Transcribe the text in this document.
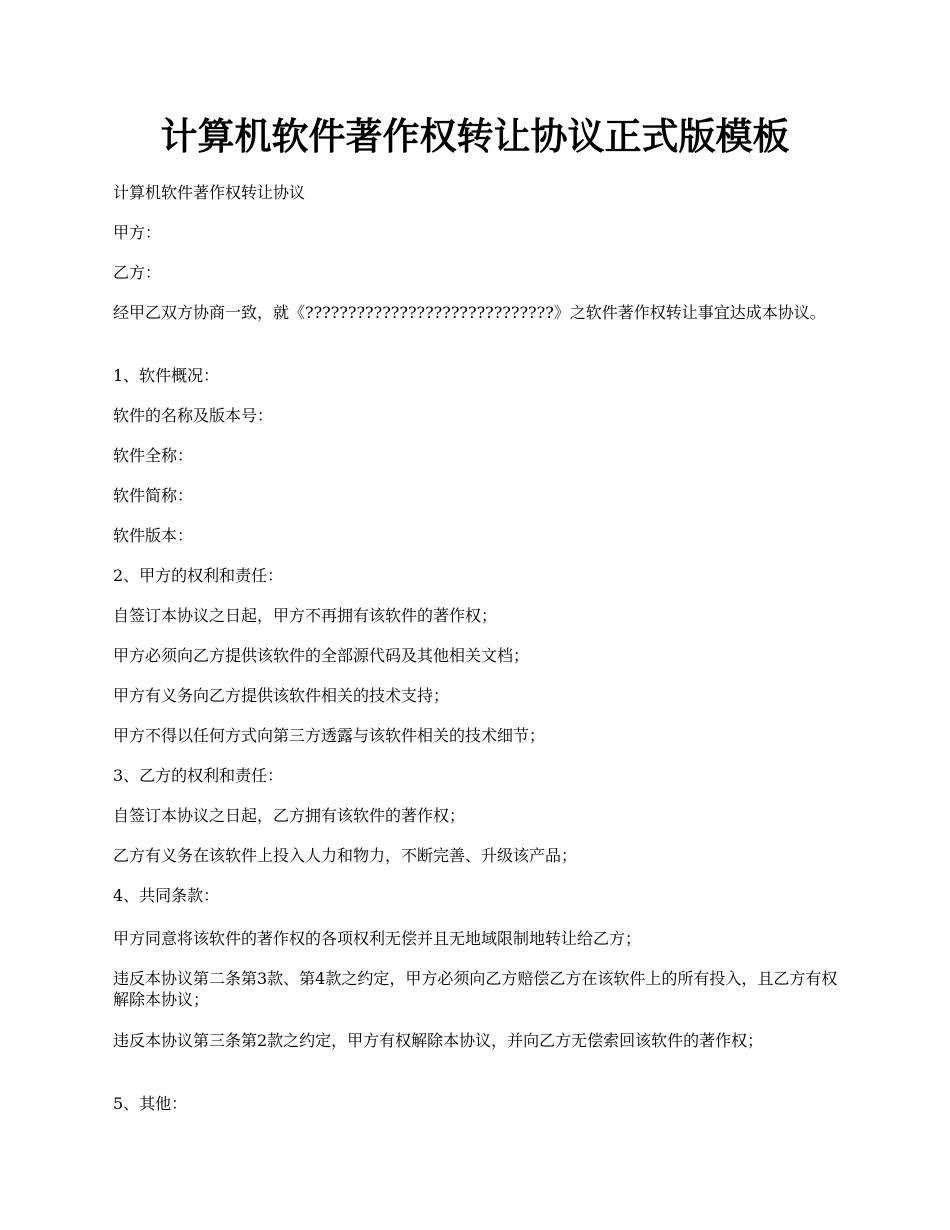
计算机软件著作权转让协议正式版模板

计算机软件著作权转让协议

甲方：

乙方：

经甲乙双方协商一致，就《?????????????????????????????》之软件著作权转让事宜达成本协议。

1、软件概况：

软件的名称及版本号：

软件全称：

软件简称：

软件版本：

2、甲方的权利和责任：

自签订本协议之日起，甲方不再拥有该软件的著作权；

甲方必须向乙方提供该软件的全部源代码及其他相关文档；

甲方有义务向乙方提供该软件相关的技术支持；

甲方不得以任何方式向第三方透露与该软件相关的技术细节；

3、乙方的权利和责任：

自签订本协议之日起，乙方拥有该软件的著作权；

乙方有义务在该软件上投入人力和物力，不断完善、升级该产品；

4、共同条款：

甲方同意将该软件的著作权的各项权利无偿并且无地域限制地转让给乙方；

违反本协议第二条第3款、第4款之约定，甲方必须向乙方赔偿乙方在该软件上的所有投入，且乙方有权解除本协议；

违反本协议第三条第2款之约定，甲方有权解除本协议，并向乙方无偿索回该软件的著作权；

5、其他：
